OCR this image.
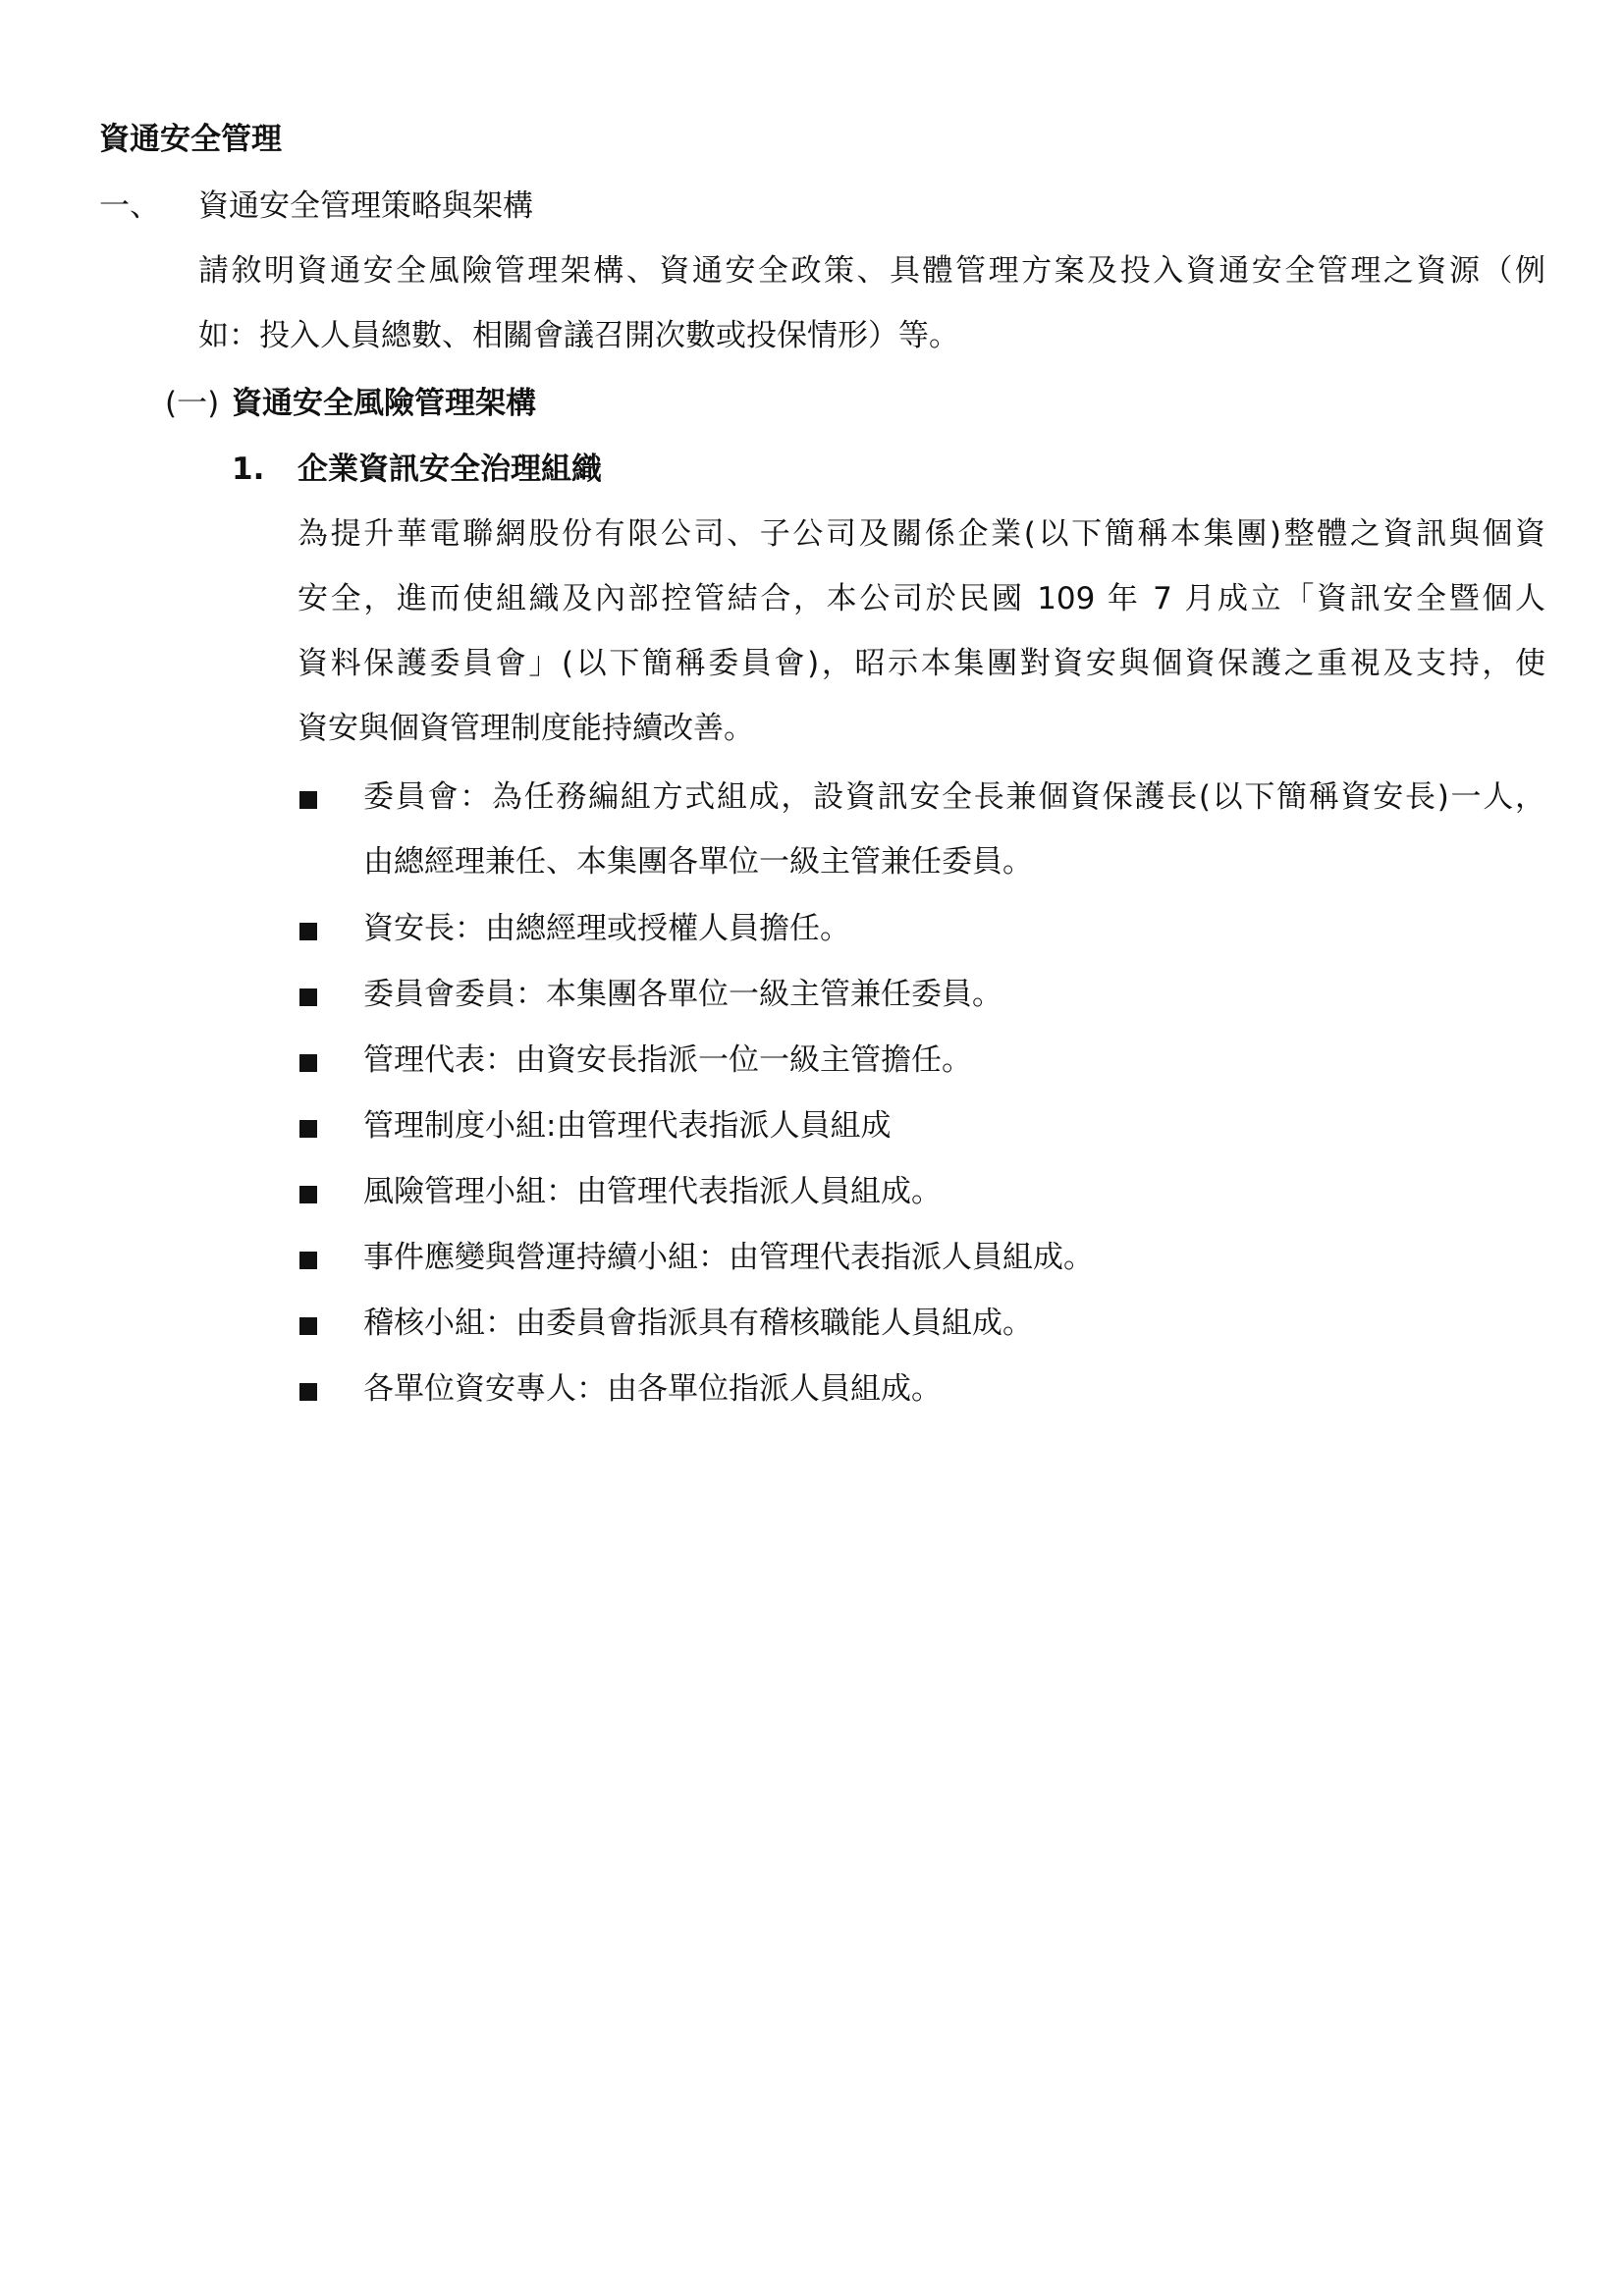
資通安全管理
一、 資通安全管理策略與架構
請敘明資通安全風險管理架構、資通安全政策、具體管理方案及投入資通安全管理之資源（例
如：投入人員總數、相關會議召開次數或投保情形）等。
(一) 資通安全風險管理架構
1. 企業資訊安全治理組織
為提升華電聯網股份有限公司、子公司及關係企業(以下簡稱本集團)整體之資訊與個資
安全，進而使組織及內部控管結合，本公司於民國 109 年 7 月成立「資訊安全暨個人
資料保護委員會」(以下簡稱委員會)，昭示本集團對資安與個資保護之重視及支持，使
資安與個資管理制度能持續改善。
委員會：為任務編組方式組成，設資訊安全長兼個資保護長(以下簡稱資安長)一人，
由總經理兼任、本集團各單位一級主管兼任委員。
資安長：由總經理或授權人員擔任。
委員會委員：本集團各單位一級主管兼任委員。
管理代表：由資安長指派一位一級主管擔任。
管理制度小組:由管理代表指派人員組成
風險管理小組：由管理代表指派人員組成。
事件應變與營運持續小組：由管理代表指派人員組成。
稽核小組：由委員會指派具有稽核職能人員組成。
各單位資安專人：由各單位指派人員組成。
